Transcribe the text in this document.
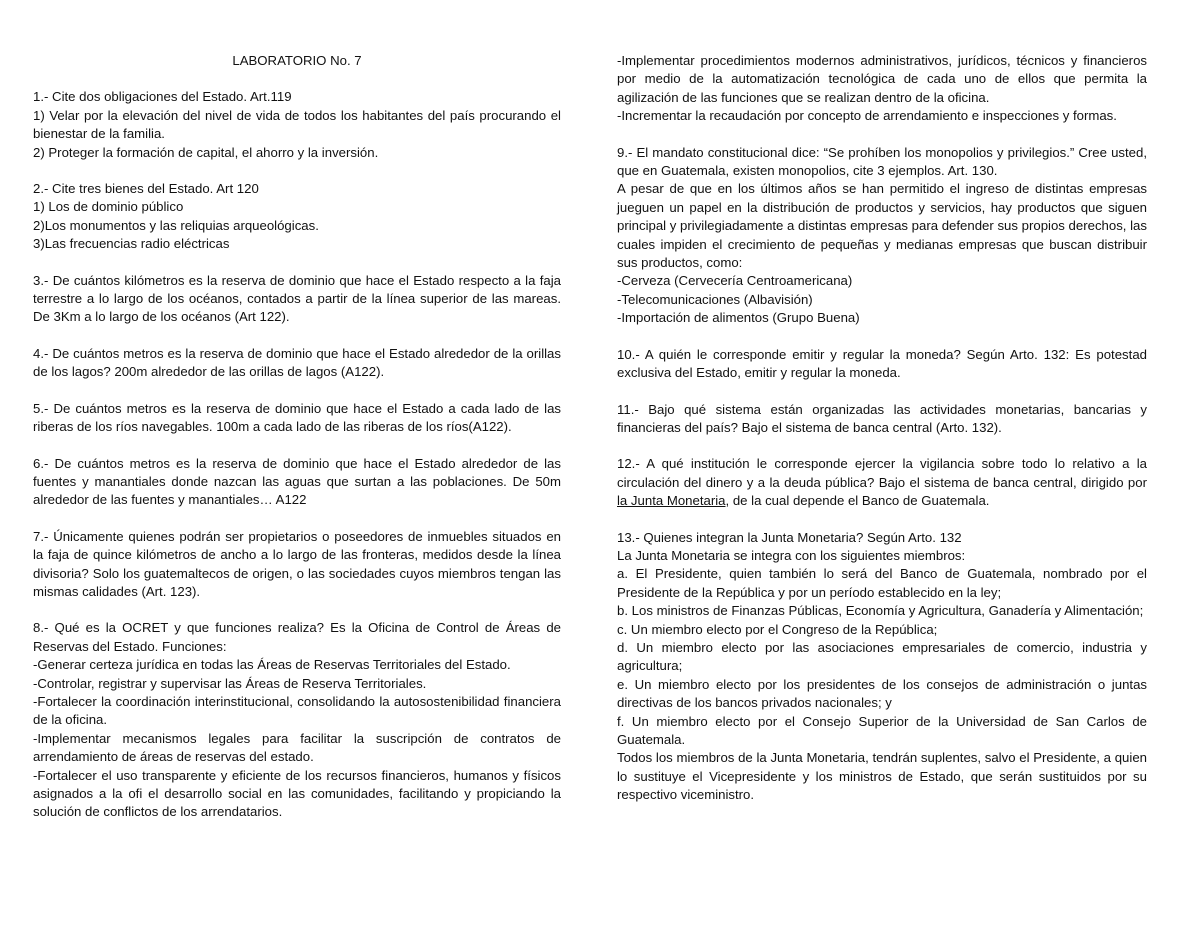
LABORATORIO No. 7

1.- Cite dos obligaciones del Estado. Art.119

1) Velar por la elevación del nivel de vida de todos los habitantes del país procurando el bienestar de la familia.

2) Proteger la formación de capital, el ahorro y la inversión.

2.- Cite tres bienes del Estado. Art 120

1) Los de dominio público

2)Los monumentos y las reliquias arqueológicas.

3)Las frecuencias radio eléctricas

3.- De cuántos kilómetros es la reserva de dominio que hace el Estado respecto a la faja terrestre a lo largo de los océanos, contados a partir de la línea superior de las mareas. De 3Km a lo largo de los océanos (Art 122).

4.- De cuántos metros es la reserva de dominio que hace el Estado alrededor de la orillas de los lagos? 200m alrededor de las orillas de lagos (A122).

5.- De cuántos metros es la reserva de dominio que hace el Estado a cada lado de las riberas de los ríos navegables. 100m a cada lado de las riberas de los ríos(A122).

6.- De cuántos metros es la reserva de dominio que hace el Estado alrededor de las fuentes y manantiales donde nazcan las aguas que surtan a las poblaciones. De 50m alrededor de las fuentes y manantiales… A122

7.- Únicamente quienes podrán ser propietarios o poseedores de inmuebles situados en la faja de quince kilómetros de ancho a lo largo de las fronteras, medidos desde la línea divisoria? Solo los guatemaltecos de origen, o las sociedades cuyos miembros tengan las mismas calidades (Art. 123).

8.- Qué es la OCRET y que funciones realiza? Es la Oficina de Control de Áreas de Reservas del Estado. Funciones:

-Generar certeza jurídica en todas las Áreas de Reservas Territoriales del Estado.

-Controlar, registrar y supervisar las Áreas de Reserva Territoriales.

-Fortalecer la coordinación interinstitucional, consolidando la autosostenibilidad financiera de la oficina.

-Implementar mecanismos legales para facilitar la suscripción de contratos de arrendamiento de áreas de reservas del estado.

-Fortalecer el uso transparente y eficiente de los recursos financieros, humanos y físicos asignados a la ofi el desarrollo social en las comunidades, facilitando y propiciando la solución de conflictos de los arrendatarios.

-Implementar procedimientos modernos administrativos, jurídicos, técnicos y financieros por medio de la automatización tecnológica de cada uno de ellos que permita la agilización de las funciones que se realizan dentro de la oficina.

-Incrementar la recaudación por concepto de arrendamiento e inspecciones y formas.

9.- El mandato constitucional dice: “Se prohíben los monopolios y privilegios.” Cree usted, que en Guatemala, existen monopolios, cite 3 ejemplos. Art. 130.

A pesar de que en los últimos años se han permitido el ingreso de distintas empresas jueguen un papel en la distribución de productos y servicios, hay productos que siguen principal y privilegiadamente a distintas empresas para defender sus propios derechos, las cuales impiden el crecimiento de pequeñas y medianas empresas que buscan distribuir sus productos, como:

-Cerveza (Cervecería Centroamericana)

-Telecomunicaciones (Albavisión)

-Importación de alimentos (Grupo Buena)

10.- A quién le corresponde emitir y regular la moneda? Según Arto. 132: Es potestad exclusiva del Estado, emitir y regular la moneda.

11.- Bajo qué sistema están organizadas las actividades monetarias, bancarias y financieras del país? Bajo el sistema de banca central (Arto. 132).

12.- A qué institución le corresponde ejercer la vigilancia sobre todo lo relativo a la circulación del dinero y a la deuda pública? Bajo el sistema de banca central, dirigido por la Junta Monetaria, de la cual depende el Banco de Guatemala.

13.- Quienes integran la Junta Monetaria? Según Arto. 132

La Junta Monetaria se integra con los siguientes miembros:

a. El Presidente, quien también lo será del Banco de Guatemala, nombrado por el Presidente de la República y por un período establecido en la ley;

b. Los ministros de Finanzas Públicas, Economía y Agricultura, Ganadería y Alimentación;

c. Un miembro electo por el Congreso de la República;

d. Un miembro electo por las asociaciones empresariales de comercio, industria y agricultura;

e. Un miembro electo por los presidentes de los consejos de administración o juntas directivas de los bancos privados nacionales; y

f. Un miembro electo por el Consejo Superior de la Universidad de San Carlos de Guatemala.

Todos los miembros de la Junta Monetaria, tendrán suplentes, salvo el Presidente, a quien lo sustituye el Vicepresidente y los ministros de Estado, que serán sustituidos por su respectivo viceministro.
